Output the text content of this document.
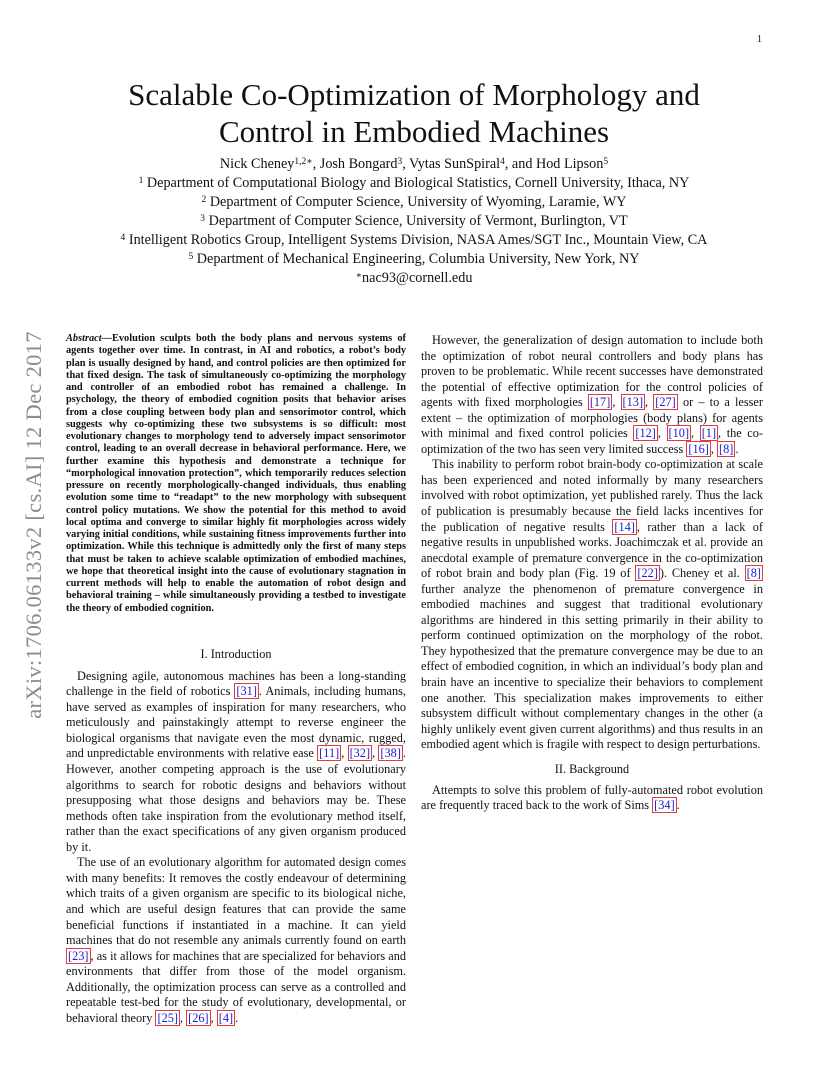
1
arXiv:1706.06133v2 [cs.AI] 12 Dec 2017
Scalable Co-Optimization of Morphology and
Control in Embodied Machines
Nick Cheney$^{1,2∗}$, Josh Bongard$^3$, Vytas SunSpiral$^4$, and Hod Lipson$^5$
$^1$ Department of Computational Biology and Biological Statistics, Cornell University, Ithaca, NY
$^2$ Department of Computer Science, University of Wyoming, Laramie, WY
$^3$ Department of Computer Science, University of Vermont, Burlington, VT
$^4$ Intelligent Robotics Group, Intelligent Systems Division, NASA Ames/SGT Inc., Mountain View, CA
$^5$ Department of Mechanical Engineering, Columbia University, New York, NY
∗nac93@cornell.edu
Abstract—Evolution sculpts both the body plans and nervous systems of agents together over time. In contrast, in AI and robotics, a robot’s body plan is usually designed by hand, and control policies are then optimized for that fixed design. The task of simultaneously co-optimizing the morphology and controller of an embodied robot has remained a challenge. In psychology, the theory of embodied cognition posits that behavior arises from a close coupling between body plan and sensorimotor control, which suggests why co-optimizing these two subsystems is so difficult: most evolutionary changes to morphology tend to adversely impact sensorimotor control, leading to an overall decrease in behavioral performance. Here, we further examine this hypothesis and demonstrate a technique for “morphological innovation protection”, which temporarily reduces selection pressure on recently morphologically-changed individuals, thus enabling evolution some time to “readapt” to the new morphology with subsequent control policy mutations. We show the potential for this method to avoid local optima and converge to similar highly fit morphologies across widely varying initial conditions, while sustaining fitness improvements further into optimization. While this technique is admittedly only the first of many steps that must be taken to achieve scalable optimization of embodied machines, we hope that theoretical insight into the cause of evolutionary stagnation in current methods will help to enable the automation of robot design and behavioral training – while simultaneously providing a testbed to investigate the theory of embodied cognition.
I. Introduction

Designing agile, autonomous machines has been a long-standing challenge in the field of robotics [31] . Animals, including humans, have served as examples of inspiration for many researchers, who meticulously and painstakingly attempt to reverse engineer the biological organisms that navigate even the most dynamic, rugged, and unpredictable environments with relative ease [11] , [32] , [38] . However, another competing approach is the use of evolutionary algorithms to search for robotic designs and behaviors without presupposing what those designs and behaviors may be. These methods often take inspiration from the evolutionary method itself, rather than the exact specifications of any given organism produced by it.

The use of an evolutionary algorithm for automated design comes with many benefits: It removes the costly endeavour of determining which traits of a given organism are specific to its biological niche, and which are useful design features that can provide the same beneficial functions if instantiated in a machine. It can yield machines that do not resemble any animals currently found on earth [23] , as it allows for machines that are specialized for behaviors and environments that differ from those of the model organism. Additionally, the optimization process can serve as a controlled and repeatable test-bed for the study of evolutionary, developmental, or behavioral theory [25] , [26] , [4] .

However, the generalization of design automation to include both the optimization of robot neural controllers and body plans has proven to be problematic. While recent successes have demonstrated the potential of effective optimization for the control policies of agents with fixed morphologies [17] , [13] , [27] or – to a lesser extent – the optimization of morphologies (body plans) for agents with minimal and fixed control policies [12] , [10] , [1] , the co-optimization of the two has seen very limited success [16] , [8] .

This inability to perform robot brain-body co-optimization at scale has been experienced and noted informally by many researchers involved with robot optimization, yet published rarely. Thus the lack of publication is presumably because the field lacks incentives for the publication of negative results [14] , rather than a lack of negative results in unpublished works. Joachimczak et al. provide an anecdotal example of premature convergence in the co-optimization of robot brain and body plan (Fig. 19 of [22] ). Cheney et al. [8] further analyze the phenomenon of premature convergence in embodied machines and suggest that traditional evolutionary algorithms are hindered in this setting primarily in their ability to perform continued optimization on the morphology of the robot. They hypothesized that the premature convergence may be due to an effect of embodied cognition, in which an individual’s body plan and brain have an incentive to specialize their behaviors to complement one another. This specialization makes improvements to either subsystem difficult without complementary changes in the other (a highly unlikely event given current algorithms) and thus results in an embodied agent which is fragile with respect to design perturbations.

II. Background

Attempts to solve this problem of fully-automated robot evolution are frequently traced back to the work of Sims [34] .
